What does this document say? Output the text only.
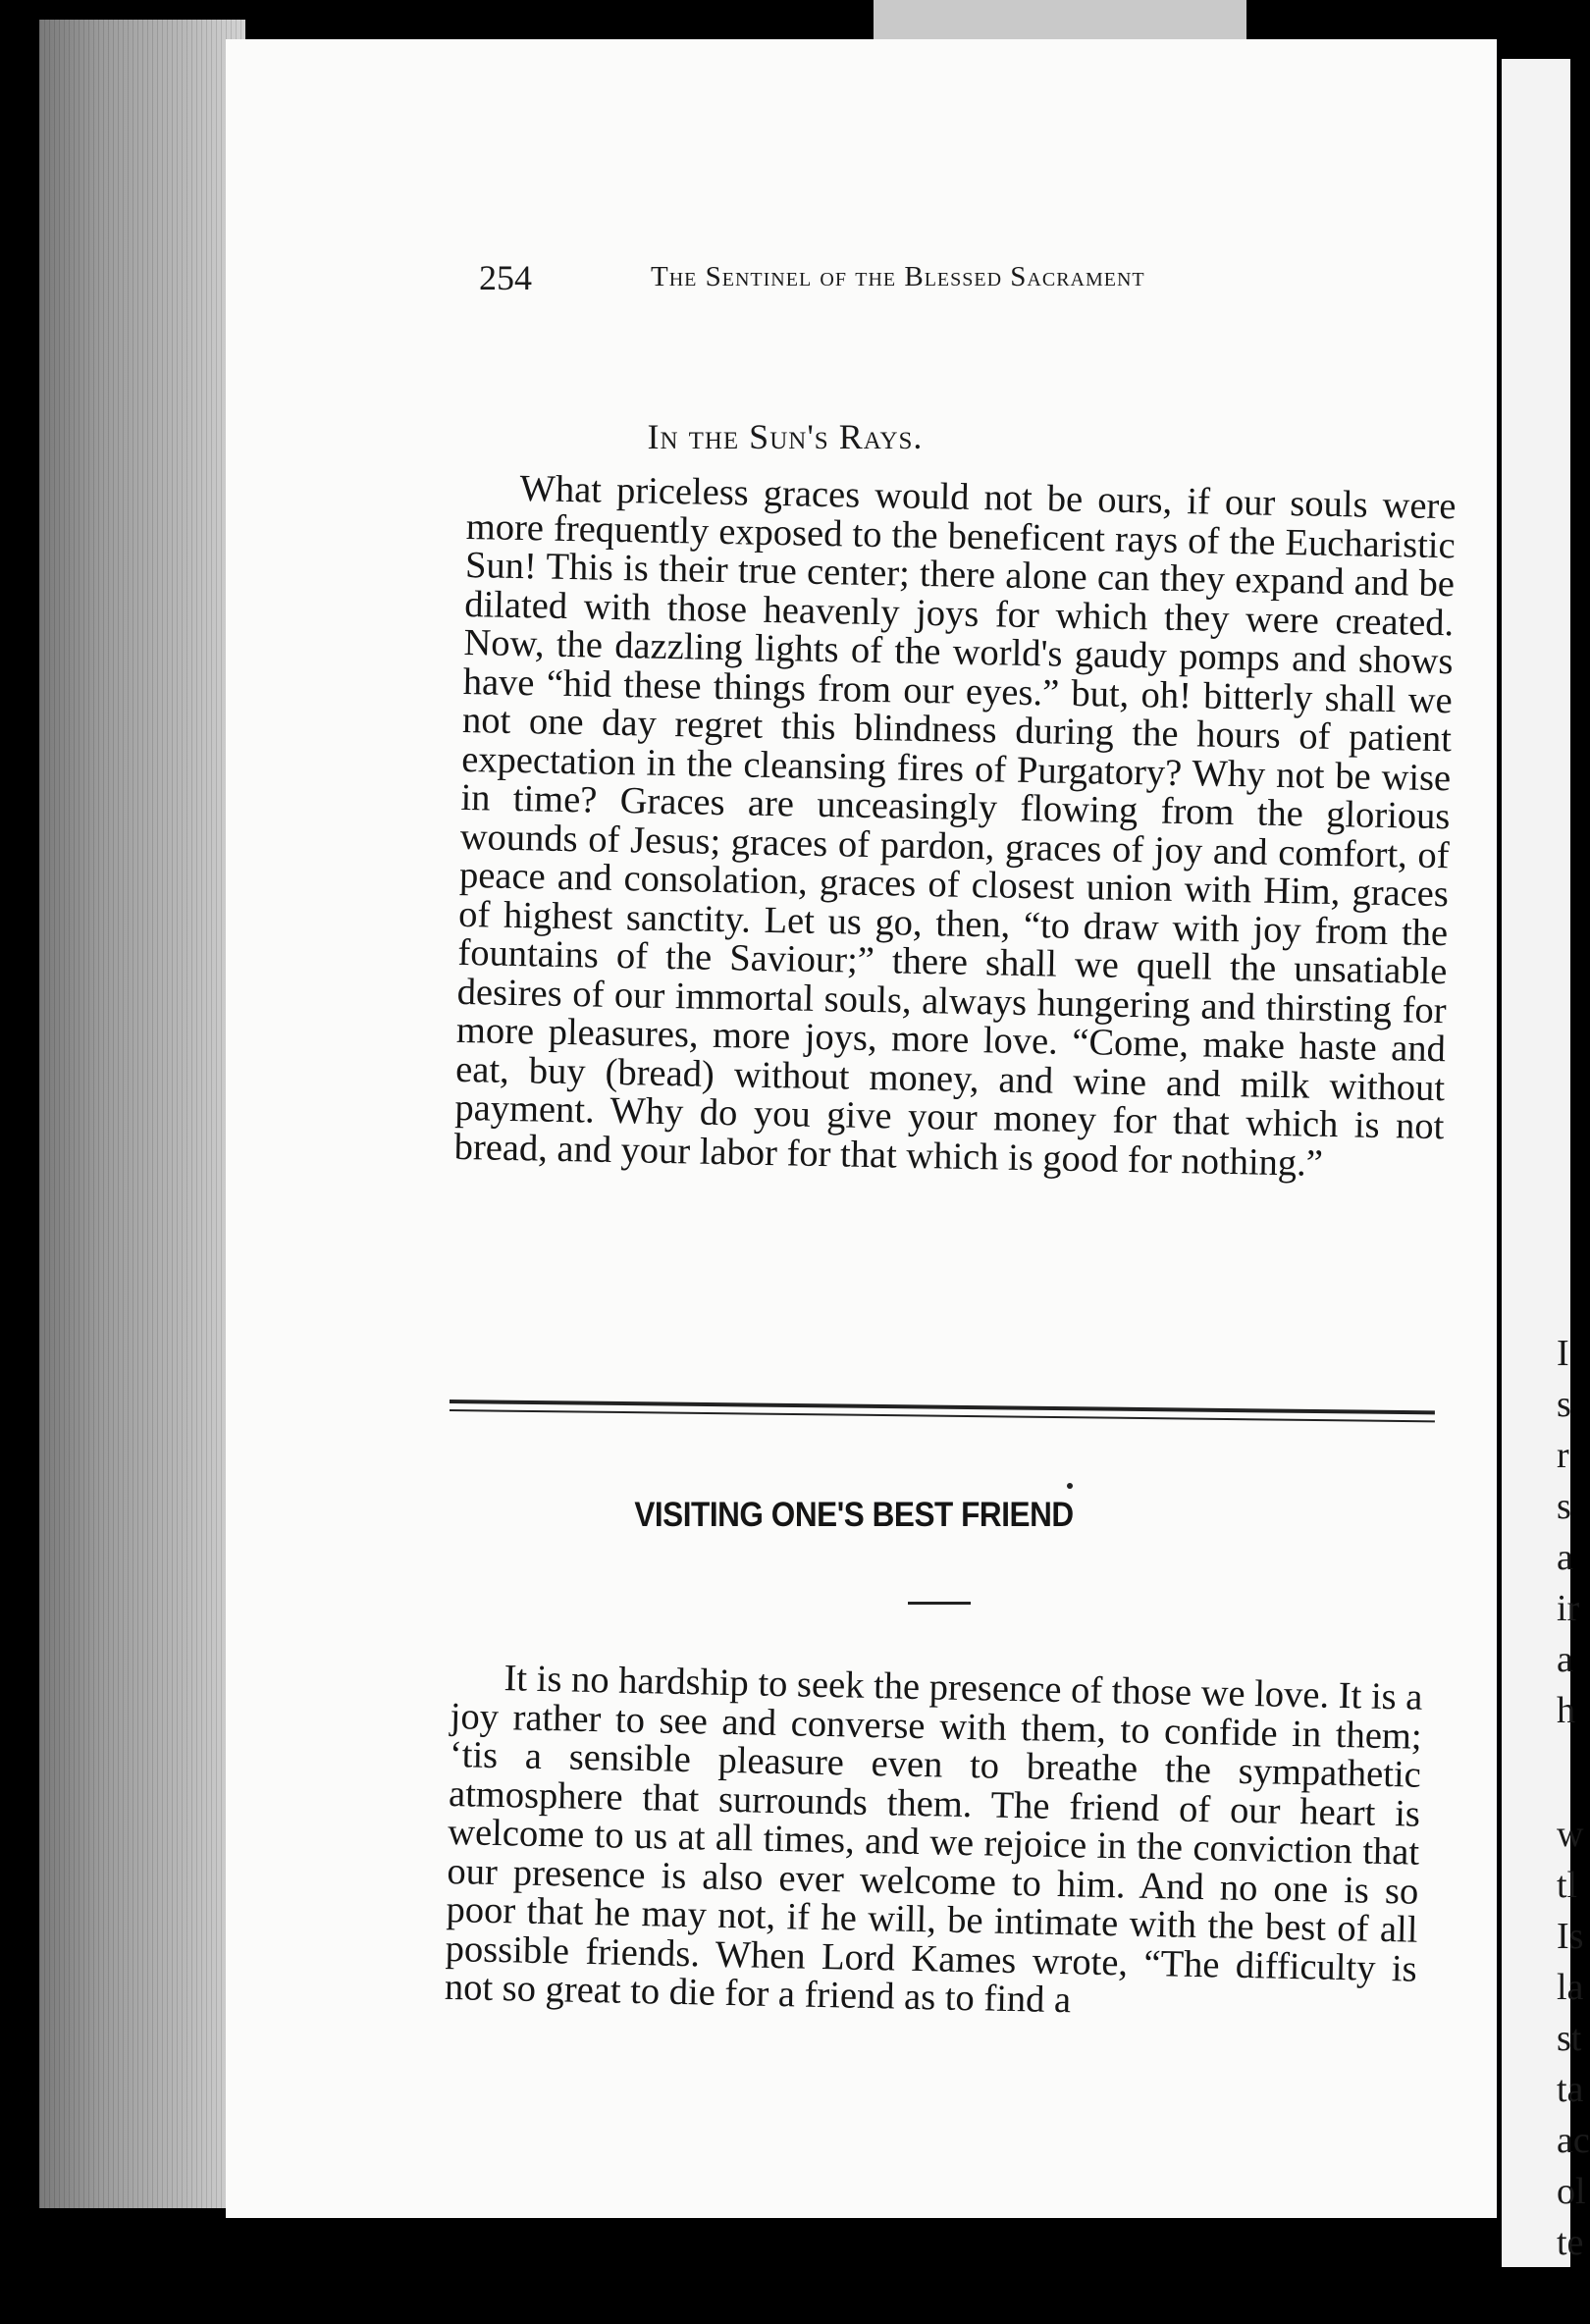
I
s
r
s
a
ir
a
h
w
tl
Is
la
st
ta
ac
ol
te
254	The Sentinel of the Blessed Sacrament
In the Sun's Rays.

What priceless graces would not be ours, if our souls were more frequently exposed to the beneficent rays of the Eucharistic Sun! This is their true center; there alone can they expand and be dilated with those heavenly joys for which they were created. Now, the dazzling lights of the world's gaudy pomps and shows have “hid these things from our eyes.” but, oh! bitterly shall we not one day regret this blindness during the hours of patient expectation in the cleansing fires of Purgatory? Why not be wise in time? Graces are unceasingly flowing from the glorious wounds of Jesus; graces of pardon, graces of joy and comfort, of peace and consolation, graces of closest union with Him, graces of highest sanctity. Let us go, then, “to draw with joy from the fountains of the Saviour;” there shall we quell the unsatiable desires of our immortal souls, always hungering and thirsting for more pleasures, more joys, more love. “Come, make haste and eat, buy (bread) without money, and wine and milk without payment. Why do you give your money for that which is not bread, and your labor for that which is good for nothing.”

VISITING ONE'S BEST FRIEND

It is no hardship to seek the presence of those we love. It is a joy rather to see and converse with them, to confide in them; ‘tis a sensible pleasure even to breathe the sympathetic atmosphere that surrounds them. The friend of our heart is welcome to us at all times, and we rejoice in the conviction that our presence is also ever welcome to him. And no one is so poor that he may not, if he will, be intimate with the best of all possible friends. When Lord Kames wrote, “The difficulty is not so great to die for a friend as to find a
